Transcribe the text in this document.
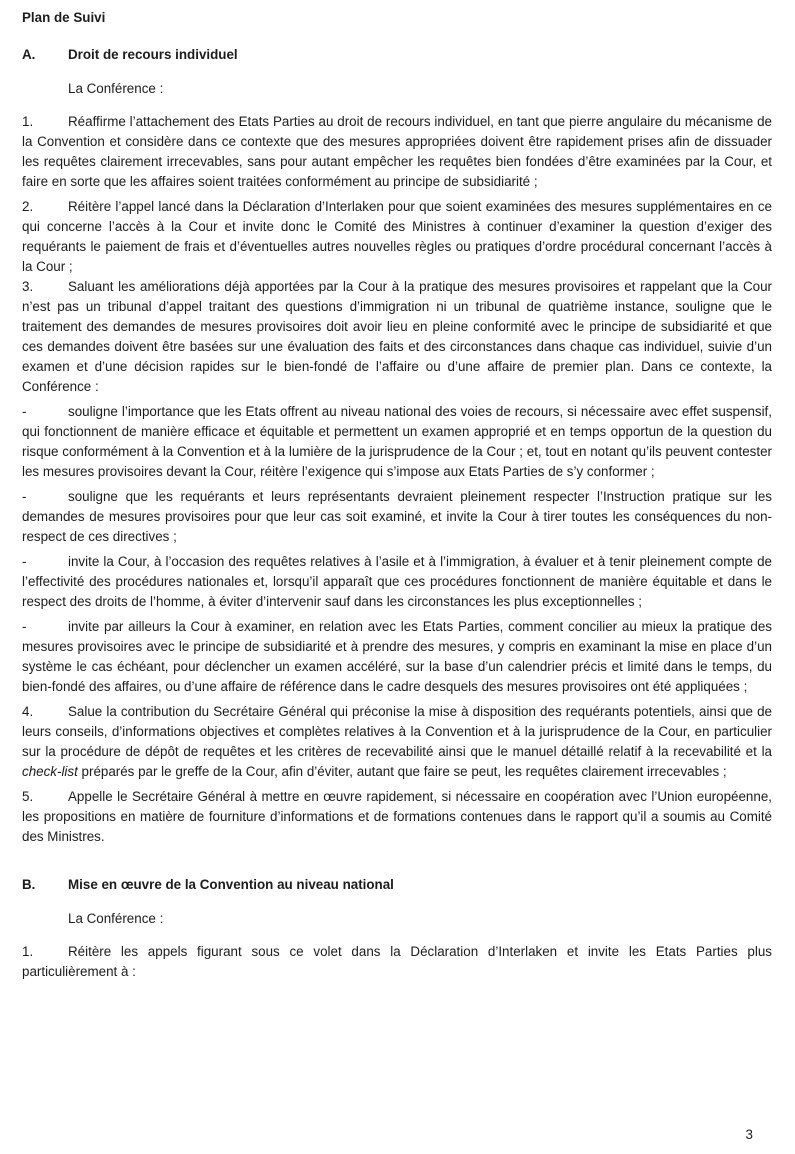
Plan de Suivi
A. Droit de recours individuel
La Conférence :
1.	Réaffirme l’attachement des Etats Parties au droit de recours individuel, en tant que pierre angulaire du mécanisme de la Convention et considère dans ce contexte que des mesures appropriées doivent être rapidement prises afin de dissuader les requêtes clairement irrecevables, sans pour autant empêcher les requêtes bien fondées d’être examinées par la Cour, et faire en sorte que les affaires soient traitées conformément au principe de subsidiarité ;
2.	Réitère l’appel lancé dans la Déclaration d’Interlaken pour que soient examinées des mesures supplémentaires en ce qui concerne l’accès à la Cour et invite donc le Comité des Ministres à continuer d’examiner la question d’exiger des requérants le paiement de frais et d’éventuelles autres nouvelles règles ou pratiques d’ordre procédural concernant l’accès à la Cour ;
3.	Saluant les améliorations déjà apportées par la Cour à la pratique des mesures provisoires et rappelant que la Cour n’est pas un tribunal d’appel traitant des questions d’immigration ni un tribunal de quatrième instance, souligne que le traitement des demandes de mesures provisoires doit avoir lieu en pleine conformité avec le principe de subsidiarité et que ces demandes doivent être basées sur une évaluation des faits et des circonstances dans chaque cas individuel, suivie d’un examen et d’une décision rapides sur le bien-fondé de l’affaire ou d’une affaire de premier plan. Dans ce contexte, la Conférence :
-	souligne l’importance que les Etats offrent au niveau national des voies de recours, si nécessaire avec effet suspensif, qui fonctionnent de manière efficace et équitable et permettent un examen approprié et en temps opportun de la question du risque conformément à la Convention et à la lumière de la jurisprudence de la Cour ; et, tout en notant qu’ils peuvent contester les mesures provisoires devant la Cour, réitère l’exigence qui s’impose aux Etats Parties de s’y conformer ;
-	souligne que les requérants et leurs représentants devraient pleinement respecter l’Instruction pratique sur les demandes de mesures provisoires pour que leur cas soit examiné, et invite la Cour à tirer toutes les conséquences du non-respect de ces directives ;
-	invite la Cour, à l’occasion des requêtes relatives à l’asile et à l’immigration, à évaluer et à tenir pleinement compte de l’effectivité des procédures nationales et, lorsqu’il apparaît que ces procédures fonctionnent de manière équitable et dans le respect des droits de l’homme, à éviter d’intervenir sauf dans les circonstances les plus exceptionnelles ;
-	invite par ailleurs la Cour à examiner, en relation avec les Etats Parties, comment concilier au mieux la pratique des mesures provisoires avec le principe de subsidiarité et à prendre des mesures, y compris en examinant la mise en place d’un système le cas échéant, pour déclencher un examen accéléré, sur la base d’un calendrier précis et limité dans le temps, du bien-fondé des affaires, ou d’une affaire de référence dans le cadre desquels des mesures provisoires ont été appliquées ;
4.	Salue la contribution du Secrétaire Général qui préconise la mise à disposition des requérants potentiels, ainsi que de leurs conseils, d’informations objectives et complètes relatives à la Convention et à la jurisprudence de la Cour, en particulier sur la procédure de dépôt de requêtes et les critères de recevabilité ainsi que le manuel détaillé relatif à la recevabilité et la check-list préparés par le greffe de la Cour, afin d’éviter, autant que faire se peut, les requêtes clairement irrecevables ;
5.	Appelle le Secrétaire Général à mettre en œuvre rapidement, si nécessaire en coopération avec l’Union européenne, les propositions en matière de fourniture d’informations et de formations contenues dans le rapport qu’il a soumis au Comité des Ministres.
B. Mise en œuvre de la Convention au niveau national
La Conférence :
1.	Réitère les appels figurant sous ce volet dans la Déclaration d’Interlaken et invite les Etats Parties plus particulièrement à :
3
